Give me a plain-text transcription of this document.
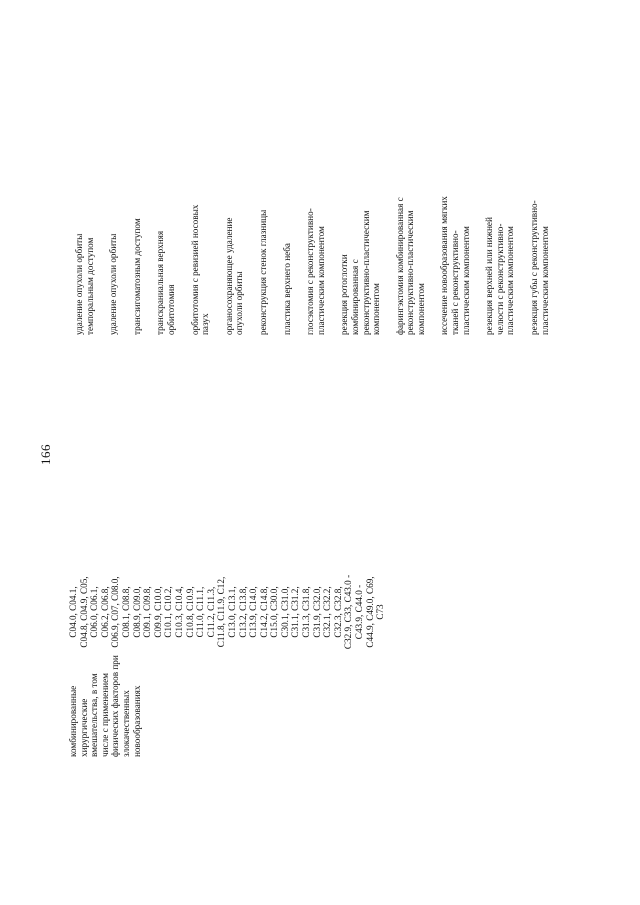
166
комбинированные хирургические вмешательства, в том числе с применением физических факторов при злокачественных новообразованиях
C04.0, C04.1, C04.8, C04.9, C05, C06.0, C06.1, C06.2, C06.8, C06.9, C07, C08.0, C08.1, C08.8, C08.9, C09.0, C09.1, C09.8, C09.9, C10.0, C10.1, C10.2, C10.3, C10.4, C10.8, C10.9, C11.0, C11.1, C11.2, C11.3, C11.8, C11.9, C12, C13.0, C13.1, C13.2, C13.8, C13.9, C14.0, C14.2, C14.8, C15.0, C30.0, C30.1, C31.0, C31.1, C31.2, C31.3, C31.8, C31.9, C32.0, C32.1, C32.2, C32.3, C32.8, C32.9, C33, C43.0 - C43.9, C44.0 - C44.9, C49.0, C69, C73
удаление опухоли орбиты темпоральным доступом удаление опухоли орбиты трансзигоматозным доступом транскраниальная верхняя орбитотомия орбитотомия с ревизией носовых пазух органосохраняющее удаление опухоли орбиты реконструкция стенок глазницы пластика верхнего неба глосэктомия с реконструктивно- пластическим компонентом резекция ротоглотки комбинированная с реконструктивно-пластическим компонентом фарингэктомия комбинированная с реконструктивно-пластическим компонентом иссечение новообразования мягких тканей с реконструктивно- пластическим компонентом резекция верхней или нижней челюсти с реконструктивно- пластическим компонентом резекция губы с реконструктивно- пластическим компонентом
